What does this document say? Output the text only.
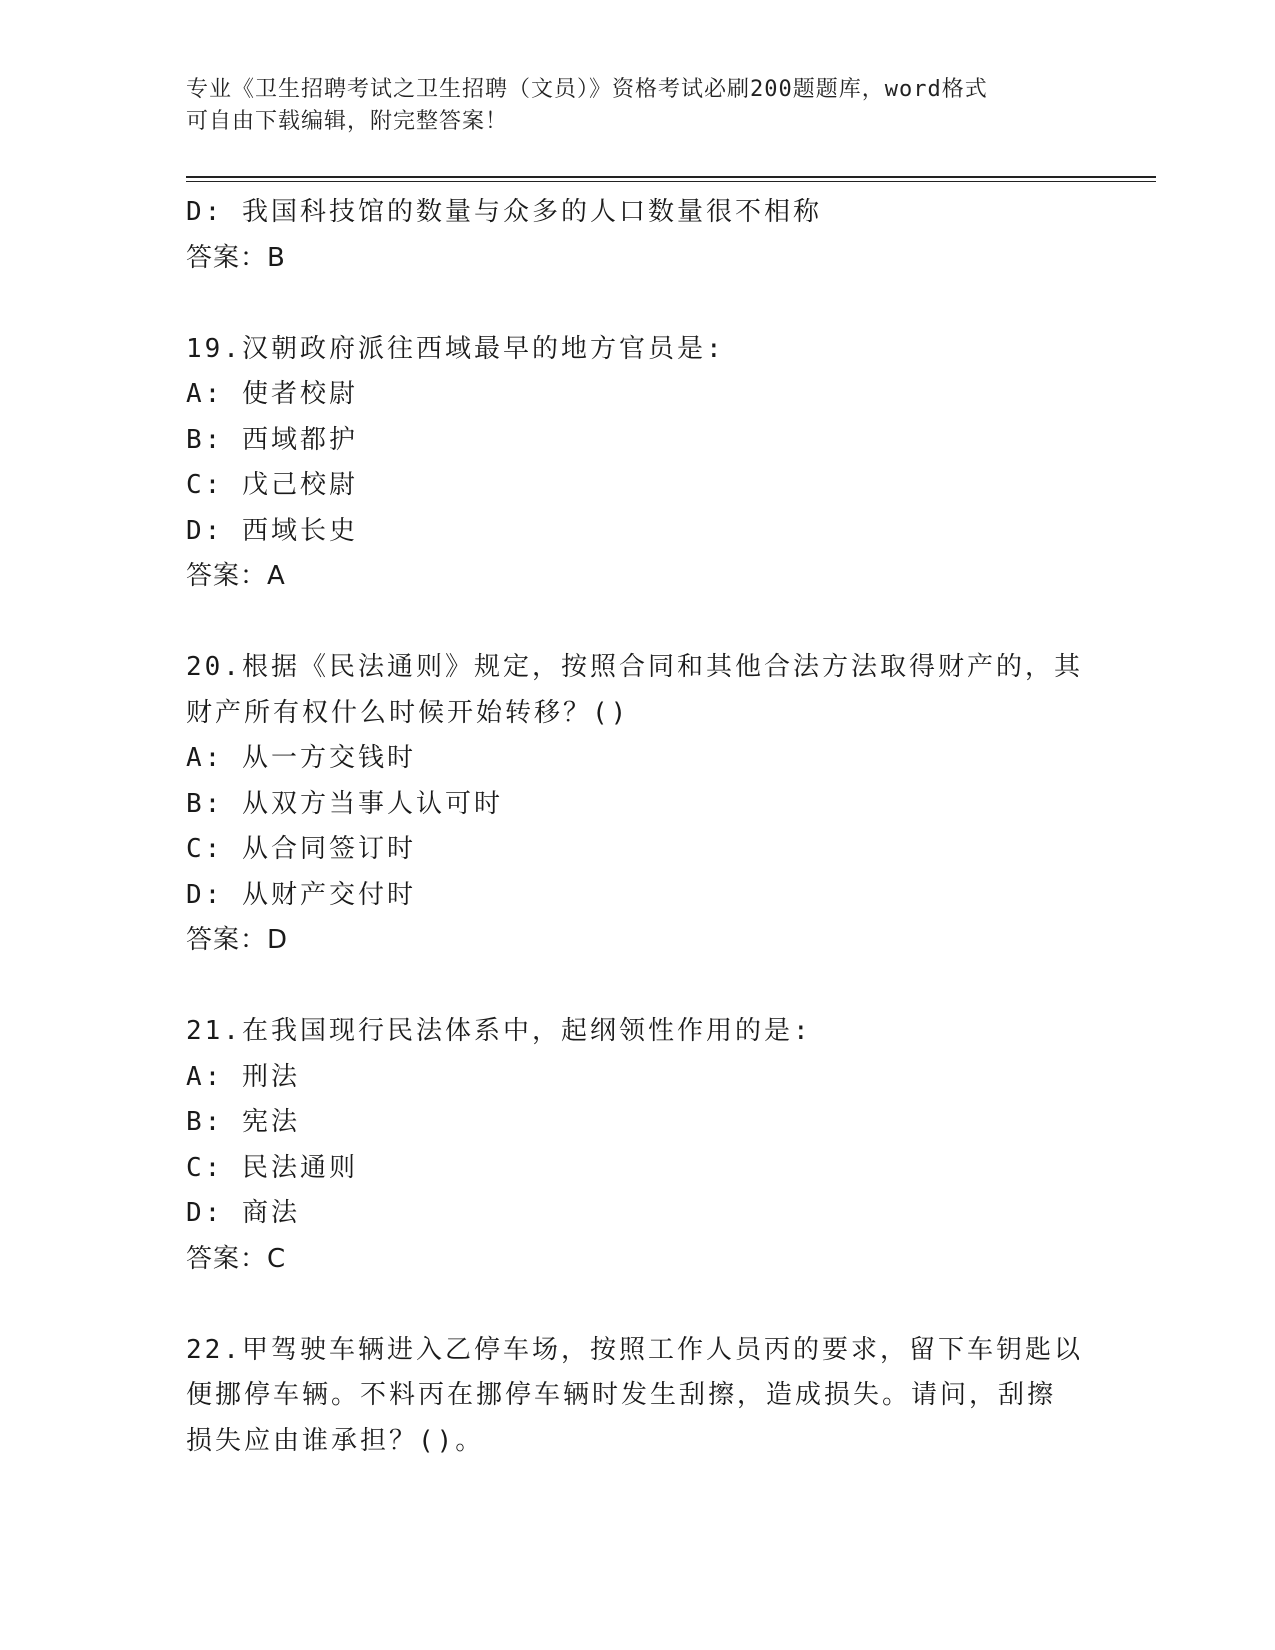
专业《卫生招聘考试之卫生招聘（文员）》资格考试必刷200题题库，word格式
可自由下载编辑，附完整答案！
D: 我国科技馆的数量与众多的人口数量很不相称
答案：B
19.汉朝政府派往西域最早的地方官员是:
A: 使者校尉
B: 西域都护
C: 戊己校尉
D: 西域长史
答案：A
20.根据《民法通则》规定，按照合同和其他合法方法取得财产的，其
财产所有权什么时候开始转移？()
A: 从一方交钱时
B: 从双方当事人认可时
C: 从合同签订时
D: 从财产交付时
答案：D
21.在我国现行民法体系中，起纲领性作用的是:
A: 刑法
B: 宪法
C: 民法通则
D: 商法
答案：C
22.甲驾驶车辆进入乙停车场，按照工作人员丙的要求，留下车钥匙以
便挪停车辆。不料丙在挪停车辆时发生刮擦，造成损失。请问，刮擦
损失应由谁承担？()。
